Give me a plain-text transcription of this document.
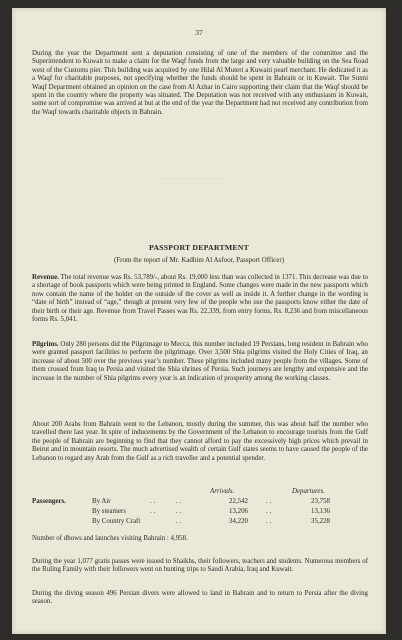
37

During the year the Department sent a deputation consisting of one of the members of the committee and the Superintendent to Kuwait to make a claim for the Waqf funds from the large and very valuable building on the Sea Road west of the Customs pier. This building was acquired by one Hilal Al Muteri a Kuwaiti pearl merchant. He dedicated it as a Waqf for charitable purposes, not specifying whether the funds should be spent in Bahrain or in Kuwait. The Sunni Waqf Department obtained an opinion on the case from Al Azhar in Cairo supporting their claim that the Waqf should be spent in the country where the property was situated. The Deputation was not received with any enthusiasm in Kuwait, some sort of compromise was arrived at but at the end of the year the Department had not received any contribution from the Waqf towards charitable objects in Bahrain.

— — — — — — — — —
PASSPORT DEPARTMENT
(From the report of Mr. Kadhim Al Asfoor, Passport Officer)

Revenue. The total revenue was Rs. 53,789/-, about Rs. 19,000 less than was collected in 1371. This decrease was due to a shortage of book passports which were being printed in England. Some changes were made in the new passports which now contain the name of the holder on the outside of the cover as well as inside it. A further change in the wording is “date of birth” instead of “age,” though at present very few of the people who use the passports know either the date of their birth or their age. Revenue from Travel Passes was Rs. 22,339, from entry forms, Rs. 8,236 and from miscellaneous forms Rs. 5,041.

Pilgrims. Only 280 persons did the Pilgrimage to Mecca, this number included 19 Persians, long resident in Bahrain who were granted passport facilities to perform the pilgrimage. Over 3,500 Shia pilgrims visited the Holy Cities of Iraq, an increase of about 500 over the previous year’s number. These pilgrims included many people from the villages. Some of them crossed from Iraq to Persia and visited the Shia shrines of Persia. Such journeys are lengthy and expensive and the increase in the number of Shia pilgrims every year is an indication of prosperity among the working classes.

About 200 Arabs from Bahrain went to the Lebanon, mostly during the summer, this was about half the number who travelled there last year. In spite of inducements by the Government of the Lebanon to encourage tourists from the Gulf the people of Bahrain are beginning to find that they cannot afford to pay the excessively high prices which prevail in Beirut and in mountain resorts. The much advertised wealth of certain Gulf states seems to have caused the people of the Lebanon to regard any Arab from the Gulf as a rich traveller and a potential spender.

Arrivals.	Departures.
Passengers.	By Air	. .	. .	22,542	. .	23,758
By steamers	. .	. .	13,206	. .	13,136
By Country Craft	. .	34,220	. .	35,228
Number of dhows and launches visiting Bahrain : 4,958.

During the year 1,077 gratis passes were issued to Shaikhs, their followers, teachers and students. Numerous members of the Ruling Family with their followers went on hunting trips to Saudi Arabia, Iraq and Kuwait.

During the diving season 496 Persian divers were allowed to land in Bahrain and to return to Persia after the diving season.
